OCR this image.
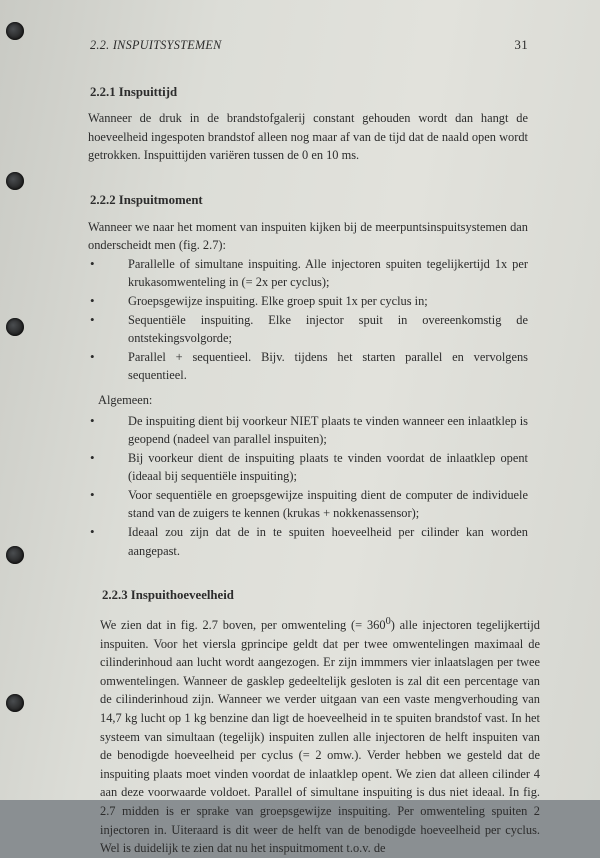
2.2. INSPUITSYSTEMEN	31
2.2.1 Inspuittijd

Wanneer de druk in de brandstofgalerij constant gehouden wordt dan hangt de hoeveelheid ingespoten brandstof alleen nog maar af van de tijd dat de naald open wordt getrokken. Inspuittijden variëren tussen de 0 en 10 ms.

2.2.2 Inspuitmoment

Wanneer we naar het moment van inspuiten kijken bij de meerpuntsinspuitsystemen dan onderscheidt men (fig. 2.7):

•	Parallelle of simultane inspuiting. Alle injectoren spuiten tegelijkertijd 1x per krukasomwenteling in (= 2x per cyclus);
•	Groepsgewijze inspuiting. Elke groep spuit 1x per cyclus in;
•	Sequentiële inspuiting. Elke injector spuit in overeenkomstig de ontstekingsvolgorde;
•	Parallel + sequentieel. Bijv. tijdens het starten parallel en vervolgens sequentieel.

Algemeen:

•	De inspuiting dient bij voorkeur NIET plaats te vinden wanneer een inlaatklep is geopend (nadeel van parallel inspuiten);
•	Bij voorkeur dient de inspuiting plaats te vinden voordat de inlaatklep opent (ideaal bij sequentiële inspuiting);
•	Voor sequentiële en groepsgewijze inspuiting dient de computer de individuele stand van de zuigers te kennen (krukas + nokkenassensor);
•	Ideaal zou zijn dat de in te spuiten hoeveelheid per cilinder kan worden aangepast.
2.2.3 Inspuithoeveelheid

We zien dat in fig. 2.7 boven, per omwenteling (= $360^0$) alle injectoren tegelijkertijd inspuiten. Voor het viersla gprincipe geldt dat per twee omwentelingen maximaal de cilinderinhoud aan lucht wordt aangezogen. Er zijn immmers vier inlaatslagen per twee omwentelingen. Wanneer de gasklep gedeeltelijk gesloten is zal dit een percentage van de cilinderinhoud zijn. Wanneer we verder uitgaan van een vaste mengverhouding van 14,7 kg lucht op 1 kg benzine dan ligt de hoeveelheid in te spuiten brandstof vast. In het systeem van simultaan (tegelijk) inspuiten zullen alle injectoren de helft inspuiten van de benodigde hoeveelheid per cyclus (= 2 omw.). Verder hebben we gesteld dat de inspuiting plaats moet vinden voordat de inlaatklep opent. We zien dat alleen cilinder 4 aan deze voorwaarde voldoet. Parallel of simultane inspuiting is dus niet ideaal. In fig. 2.7 midden is er sprake van groepsgewijze inspuiting. Per omwenteling spuiten 2 injectoren in. Uiteraard is dit weer de helft van de benodigde hoeveelheid per cyclus. Wel is duidelijk te zien dat nu het inspuitmoment t.o.v. de
